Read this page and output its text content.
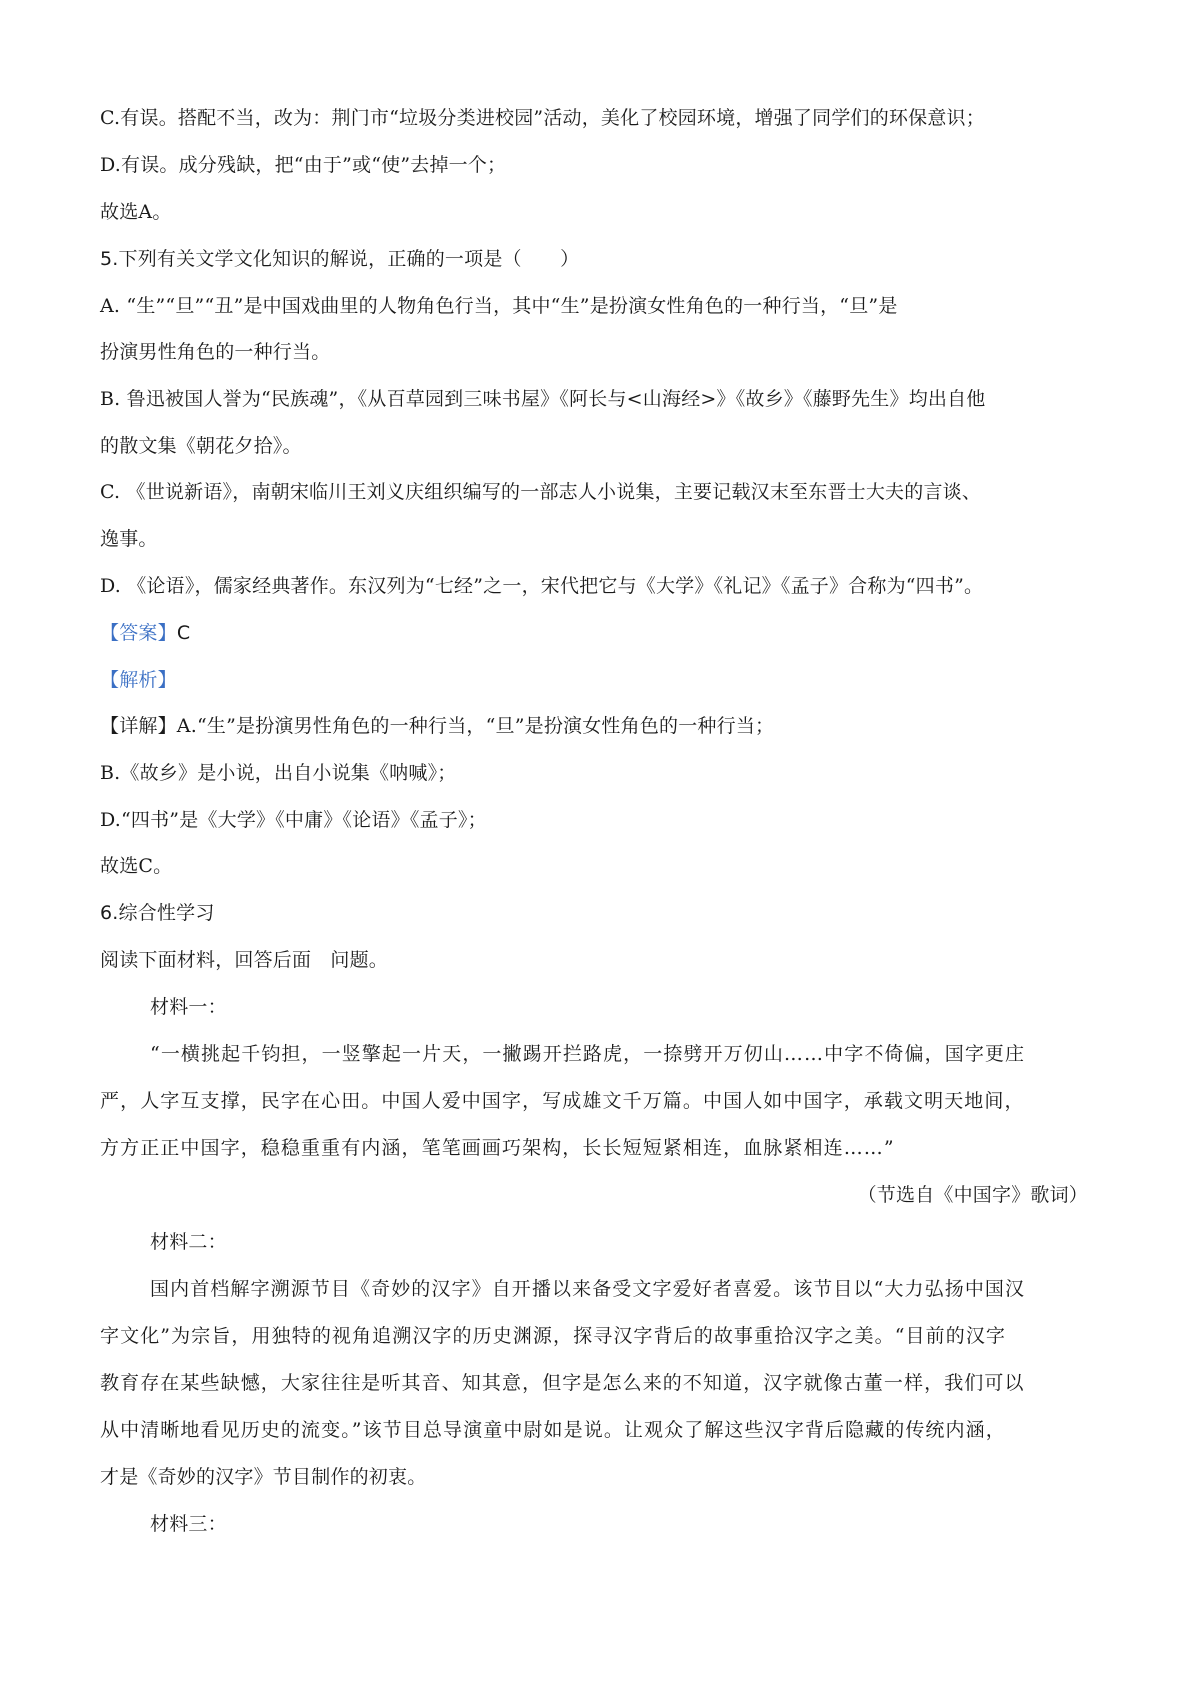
C.有误。搭配不当，改为：荆门市“垃圾分类进校园”活动，美化了校园环境，增强了同学们的环保意识；
D.有误。成分残缺，把“由于”或“使”去掉一个；
故选A。
5.下列有关文学文化知识的解说，正确的一项是（　　）
A. “生”“旦”“丑”是中国戏曲里的人物角色行当，其中“生”是扮演女性角色的一种行当，“旦”是
扮演男性角色的一种行当。
B. 鲁迅被国人誉为“民族魂”，《从百草园到三味书屋》《阿长与<山海经>》《故乡》《藤野先生》均出自他
的散文集《朝花夕拾》。
C. 《世说新语》，南朝宋临川王刘义庆组织编写的一部志人小说集，主要记载汉末至东晋士大夫的言谈、
逸事。
D. 《论语》，儒家经典著作。东汉列为“七经”之一，宋代把它与《大学》《礼记》《孟子》合称为“四书”。
【答案】C
【解析】
【详解】A.“生”是扮演男性角色的一种行当，“旦”是扮演女性角色的一种行当；
B.《故乡》是小说，出自小说集《呐喊》；
D.“四书”是《大学》《中庸》《论语》《孟子》；
故选C。
6.综合性学习
阅读下面材料，回答后面　问题。
材料一：
“一横挑起千钧担，一竖擎起一片天，一撇踢开拦路虎，一捺劈开万仞山……中字不倚偏，国字更庄
严，人字互支撑，民字在心田。中国人爱中国字，写成雄文千万篇。中国人如中国字，承载文明天地间，
方方正正中国字，稳稳重重有内涵，笔笔画画巧架构，长长短短紧相连，血脉紧相连……”
（节选自《中国字》歌词）
材料二：
国内首档解字溯源节目《奇妙的汉字》自开播以来备受文字爱好者喜爱。该节目以“大力弘扬中国汉
字文化”为宗旨，用独特的视角追溯汉字的历史渊源，探寻汉字背后的故事重拾汉字之美。“目前的汉字
教育存在某些缺憾，大家往往是听其音、知其意，但字是怎么来的不知道，汉字就像古董一样，我们可以
从中清晰地看见历史的流变。”该节目总导演童中尉如是说。让观众了解这些汉字背后隐藏的传统内涵，
才是《奇妙的汉字》节目制作的初衷。
材料三：
